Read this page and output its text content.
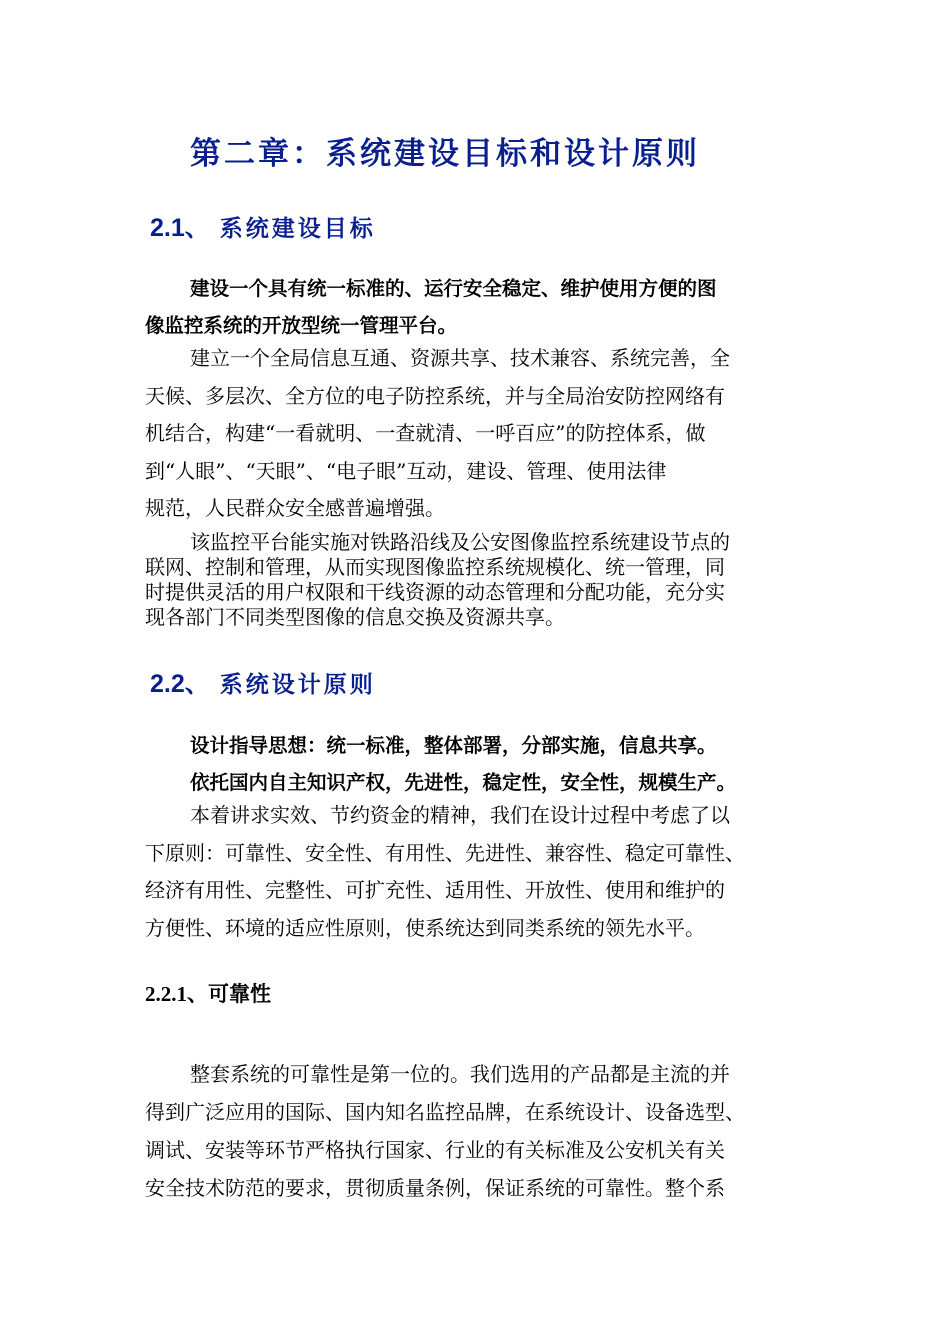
第二章：系统建设目标和设计原则
2.1、 系统建设目标
建设一个具有统一标准的、运行安全稳定、维护使用方便的图
像监控系统的开放型统一管理平台。
建立一个全局信息互通、资源共享、技术兼容、系统完善，全
天候、多层次、全方位的电子防控系统，并与全局治安防控网络有
机结合，构建“一看就明、一查就清、一呼百应”的防控体系，做
到“人眼”、“天眼”、“电子眼”互动，建设、管理、使用法律
规范，人民群众安全感普遍增强。
该监控平台能实施对铁路沿线及公安图像监控系统建设节点的
联网、控制和管理，从而实现图像监控系统规模化、统一管理，同
时提供灵活的用户权限和干线资源的动态管理和分配功能，充分实
现各部门不同类型图像的信息交换及资源共享。
2.2、 系统设计原则
设计指导思想：统一标准，整体部署，分部实施，信息共享。
依托国内自主知识产权，先进性，稳定性，安全性，规模生产。
本着讲求实效、节约资金的精神，我们在设计过程中考虑了以
下原则：可靠性、安全性、有用性、先进性、兼容性、稳定可靠性、
经济有用性、完整性、可扩充性、适用性、开放性、使用和维护的
方便性、环境的适应性原则，使系统达到同类系统的领先水平。
2.2.1、可靠性
整套系统的可靠性是第一位的。我们选用的产品都是主流的并
得到广泛应用的国际、国内知名监控品牌，在系统设计、设备选型、
调试、安装等环节严格执行国家、行业的有关标准及公安机关有关
安全技术防范的要求，贯彻质量条例，保证系统的可靠性。整个系
